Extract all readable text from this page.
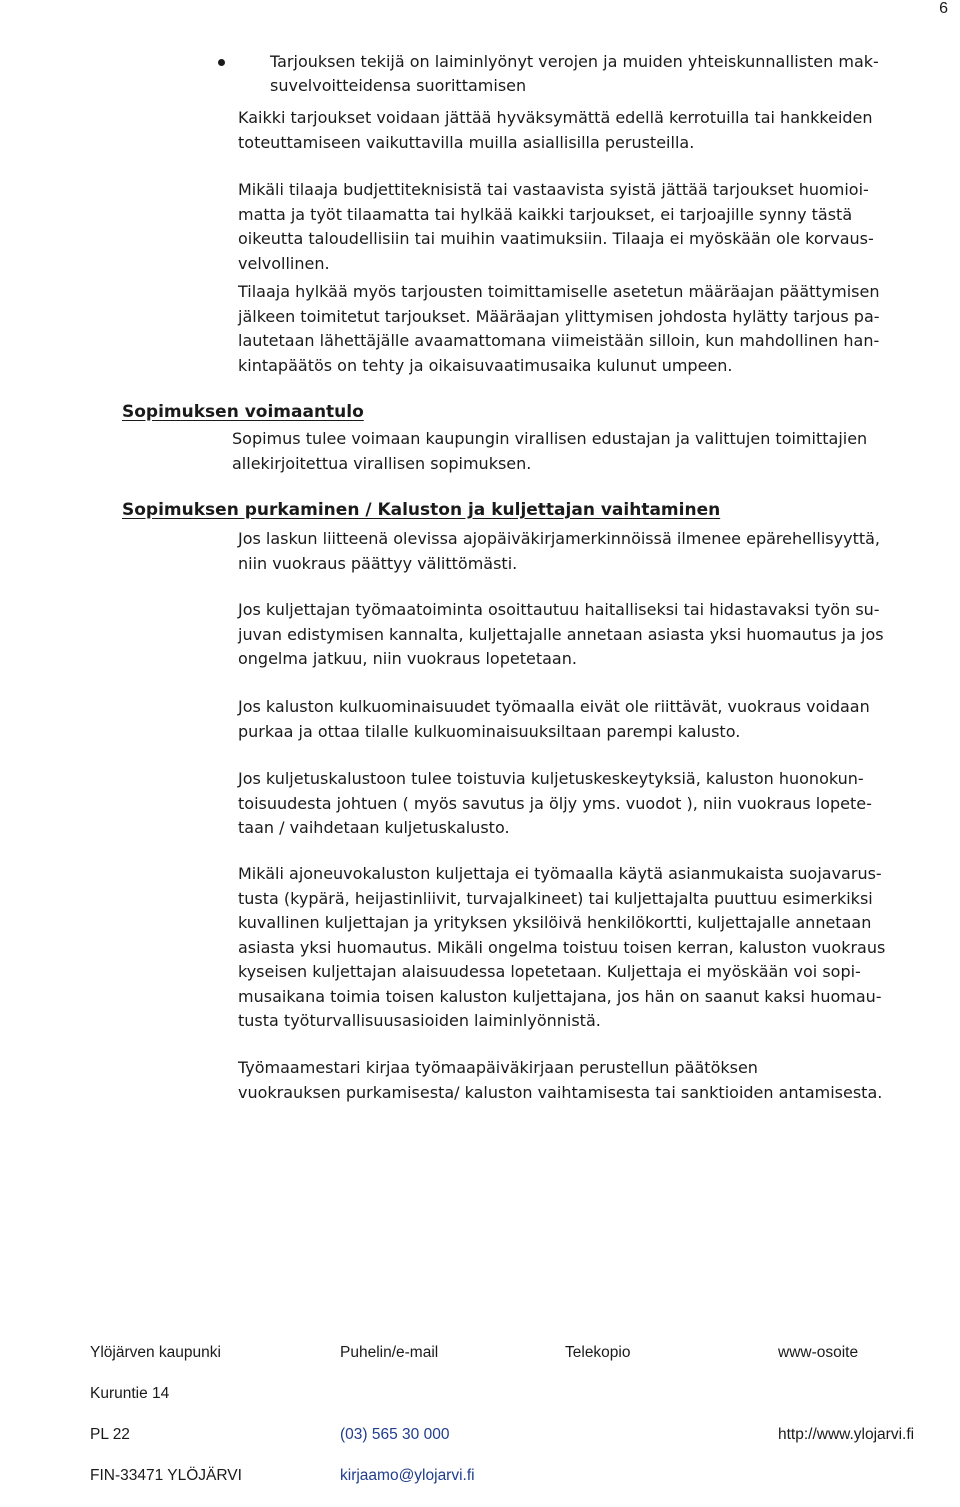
6
Tarjouksen tekijä on laiminlyönyt verojen ja muiden yhteiskunnallisten mak-
suvelvoitteidensa suorittamisen
Kaikki tarjoukset voidaan jättää hyväksymättä edellä kerrotuilla tai hankkeiden
toteuttamiseen vaikuttavilla muilla asiallisilla perusteilla.
Mikäli tilaaja budjettiteknisistä tai vastaavista syistä jättää tarjoukset huomioi-
matta ja työt tilaamatta tai hylkää kaikki tarjoukset, ei tarjoajille synny tästä
oikeutta taloudellisiin tai muihin vaatimuksiin. Tilaaja ei myöskään ole korvaus-
velvollinen.
Tilaaja hylkää myös tarjousten toimittamiselle asetetun määräajan päättymisen
jälkeen toimitetut tarjoukset. Määräajan ylittymisen johdosta hylätty tarjous pa-
lautetaan lähettäjälle avaamattomana viimeistään silloin, kun mahdollinen han-
kintapäätös on tehty ja oikaisuvaatimusaika kulunut umpeen.
Sopimuksen voimaantulo
Sopimus tulee voimaan kaupungin virallisen edustajan ja valittujen toimittajien
allekirjoitettua virallisen sopimuksen.
Sopimuksen purkaminen / Kaluston ja kuljettajan vaihtaminen
Jos laskun liitteenä olevissa ajopäiväkirjamerkinnöissä ilmenee epärehellisyyttä,
niin vuokraus päättyy välittömästi.
Jos kuljettajan työmaatoiminta osoittautuu haitalliseksi tai hidastavaksi työn su-
juvan edistymisen kannalta, kuljettajalle annetaan asiasta yksi huomautus ja jos
ongelma jatkuu, niin vuokraus lopetetaan.
Jos kaluston kulkuominaisuudet työmaalla eivät ole riittävät, vuokraus voidaan
purkaa ja ottaa tilalle kulkuominaisuuksiltaan parempi kalusto.
Jos kuljetuskalustoon tulee toistuvia kuljetuskeskeytyksiä, kaluston huonokun-
toisuudesta johtuen ( myös savutus ja öljy yms. vuodot ), niin vuokraus lopete-
taan / vaihdetaan kuljetuskalusto.
Mikäli ajoneuvokaluston kuljettaja ei työmaalla käytä asianmukaista suojavarus-
tusta (kypärä, heijastinliivit, turvajalkineet) tai kuljettajalta puuttuu esimerkiksi
kuvallinen kuljettajan ja yrityksen yksilöivä henkilökortti, kuljettajalle annetaan
asiasta yksi huomautus. Mikäli ongelma toistuu toisen kerran, kaluston vuokraus
kyseisen kuljettajan alaisuudessa lopetetaan. Kuljettaja ei myöskään voi sopi-
musaikana toimia toisen kaluston kuljettajana, jos hän on saanut kaksi huomau-
tusta työturvallisuusasioiden laiminlyönnistä.
Työmaamestari kirjaa työmaapäiväkirjaan perustellun päätöksen
vuokrauksen purkamisesta/ kaluston vaihtamisesta tai sanktioiden antamisesta.

Ylöjärven kaupunki

Kuruntie 14

PL 22

FIN-33471 YLÖJÄRVI

Puhelin/e-mail

(03) 565 30 000

kirjaamo@ylojarvi.fi

Telekopio	www-osoite

http://www.ylojarvi.fi
